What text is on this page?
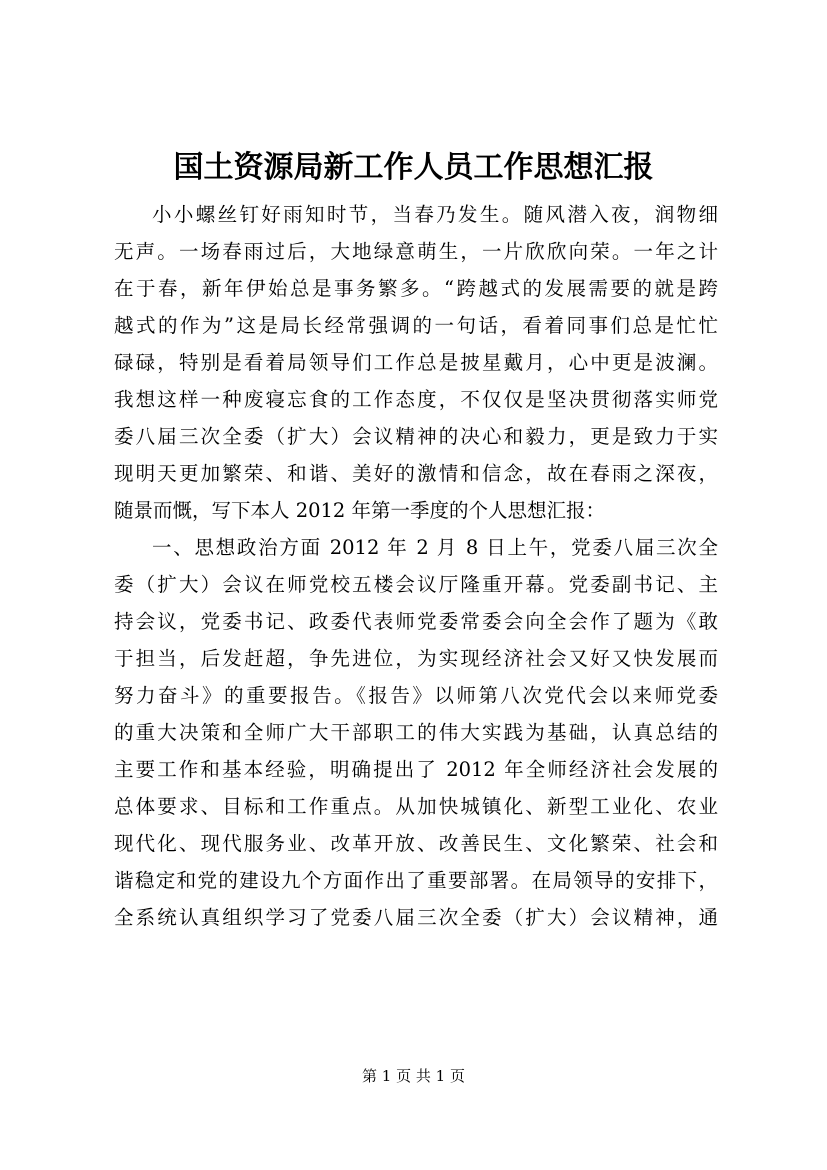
国土资源局新工作人员工作思想汇报
小小螺丝钉好雨知时节，当春乃发生。随风潜入夜，润物细
无声。一场春雨过后，大地绿意萌生，一片欣欣向荣。一年之计
在于春，新年伊始总是事务繁多。“跨越式的发展需要的就是跨
越式的作为”这是局长经常强调的一句话，看着同事们总是忙忙
碌碌，特别是看着局领导们工作总是披星戴月，心中更是波澜。
我想这样一种废寝忘食的工作态度，不仅仅是坚决贯彻落实师党
委八届三次全委（扩大）会议精神的决心和毅力，更是致力于实
现明天更加繁荣、和谐、美好的激情和信念，故在春雨之深夜，
随景而慨，写下本人 2012 年第一季度的个人思想汇报：
一、思想政治方面 2012 年 2 月 8 日上午，党委八届三次全
委（扩大）会议在师党校五楼会议厅隆重开幕。党委副书记、主
持会议，党委书记、政委代表师党委常委会向全会作了题为《敢
于担当，后发赶超，争先进位，为实现经济社会又好又快发展而
努力奋斗》的重要报告。《报告》以师第八次党代会以来师党委
的重大决策和全师广大干部职工的伟大实践为基础，认真总结的
主要工作和基本经验，明确提出了 2012 年全师经济社会发展的
总体要求、目标和工作重点。从加快城镇化、新型工业化、农业
现代化、现代服务业、改革开放、改善民生、文化繁荣、社会和
谐稳定和党的建设九个方面作出了重要部署。在局领导的安排下，
全系统认真组织学习了党委八届三次全委（扩大）会议精神，通
第 1 页 共 1 页
